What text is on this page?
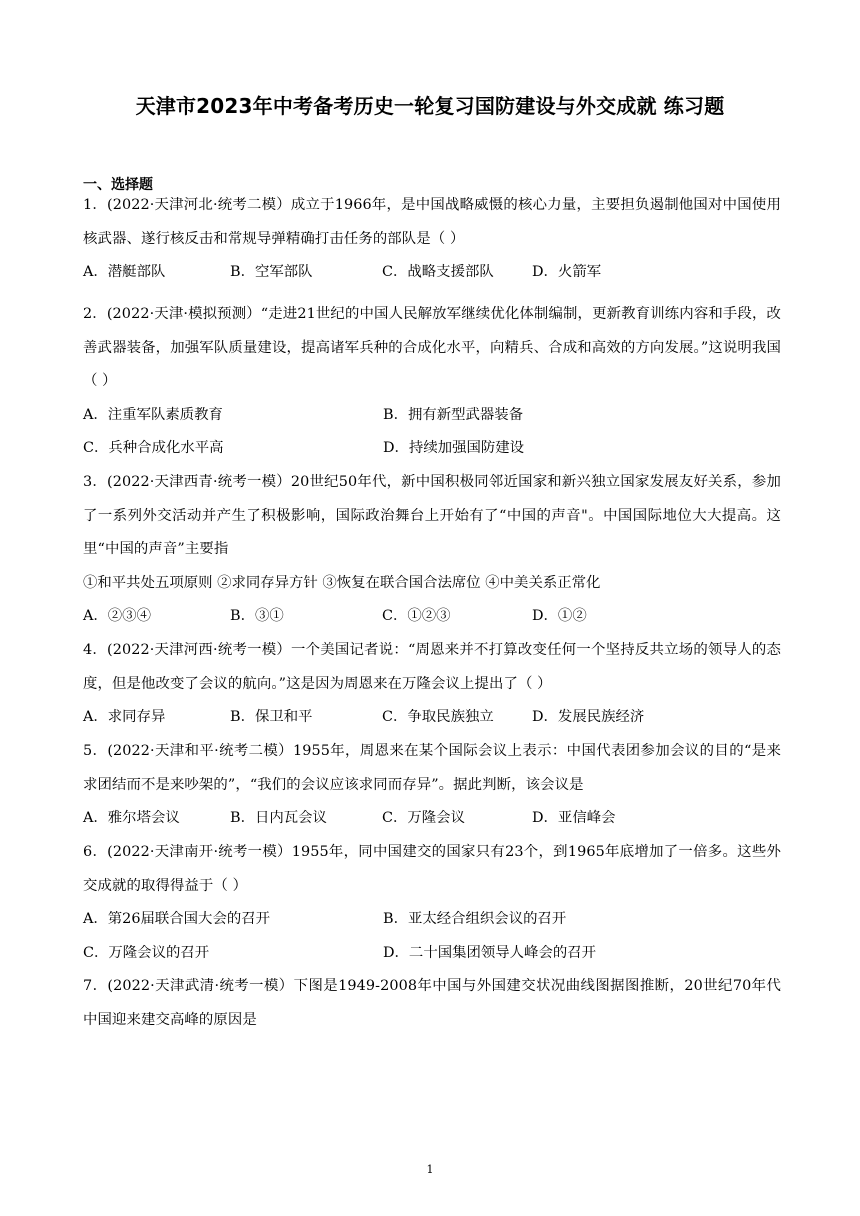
天津市2023年中考备考历史一轮复习国防建设与外交成就 练习题
一、选择题

1．(2022·天津河北·统考二模）成立于1966年，是中国战略威慑的核心力量，主要担负遏制他国对中国使用核武器、遂行核反击和常规导弹精确打击任务的部队是（ ）

A．潜艇部队	B．空军部队	C．战略支援部队	D．火箭军

2．(2022·天津·模拟预测）“走进21世纪的中国人民解放军继续优化体制编制，更新教育训练内容和手段，改善武器装备，加强军队质量建设，提高诸军兵种的合成化水平，向精兵、合成和高效的方向发展。”这说明我国（ ）

A．注重军队素质教育	B．拥有新型武器装备
C．兵种合成化水平高	D．持续加强国防建设

3．(2022·天津西青·统考一模）20世纪50年代，新中国积极同邻近国家和新兴独立国家发展友好关系，参加了一系列外交活动并产生了积极影响，国际政治舞台上开始有了“中国的声音"。中国国际地位大大提高。这里“中国的声音”主要指

①和平共处五项原则 ②求同存异方针 ③恢复在联合国合法席位 ④中美关系正常化
A．②③④	B．③①	C．①②③	D．①②

4．(2022·天津河西·统考一模）一个美国记者说：“周恩来并不打算改变任何一个坚持反共立场的领导人的态度，但是他改变了会议的航向。”这是因为周恩来在万隆会议上提出了（ ）

A．求同存异	B．保卫和平	C．争取民族独立	D．发展民族经济

5．(2022·天津和平·统考二模）1955年，周恩来在某个国际会议上表示：中国代表团参加会议的目的“是来求团结而不是来吵架的”，“我们的会议应该求同而存异”。据此判断，该会议是

A．雅尔塔会议	B．日内瓦会议	C．万隆会议	D．亚信峰会

6．(2022·天津南开·统考一模）1955年，同中国建交的国家只有23个，到1965年底增加了一倍多。这些外交成就的取得得益于（ ）

A．第26届联合国大会的召开	B．亚太经合组织会议的召开
C．万隆会议的召开	D．二十国集团领导人峰会的召开

7．(2022·天津武清·统考一模）下图是1949-2008年中国与外国建交状况曲线图据图推断，20世纪70年代中国迎来建交高峰的原因是

1
